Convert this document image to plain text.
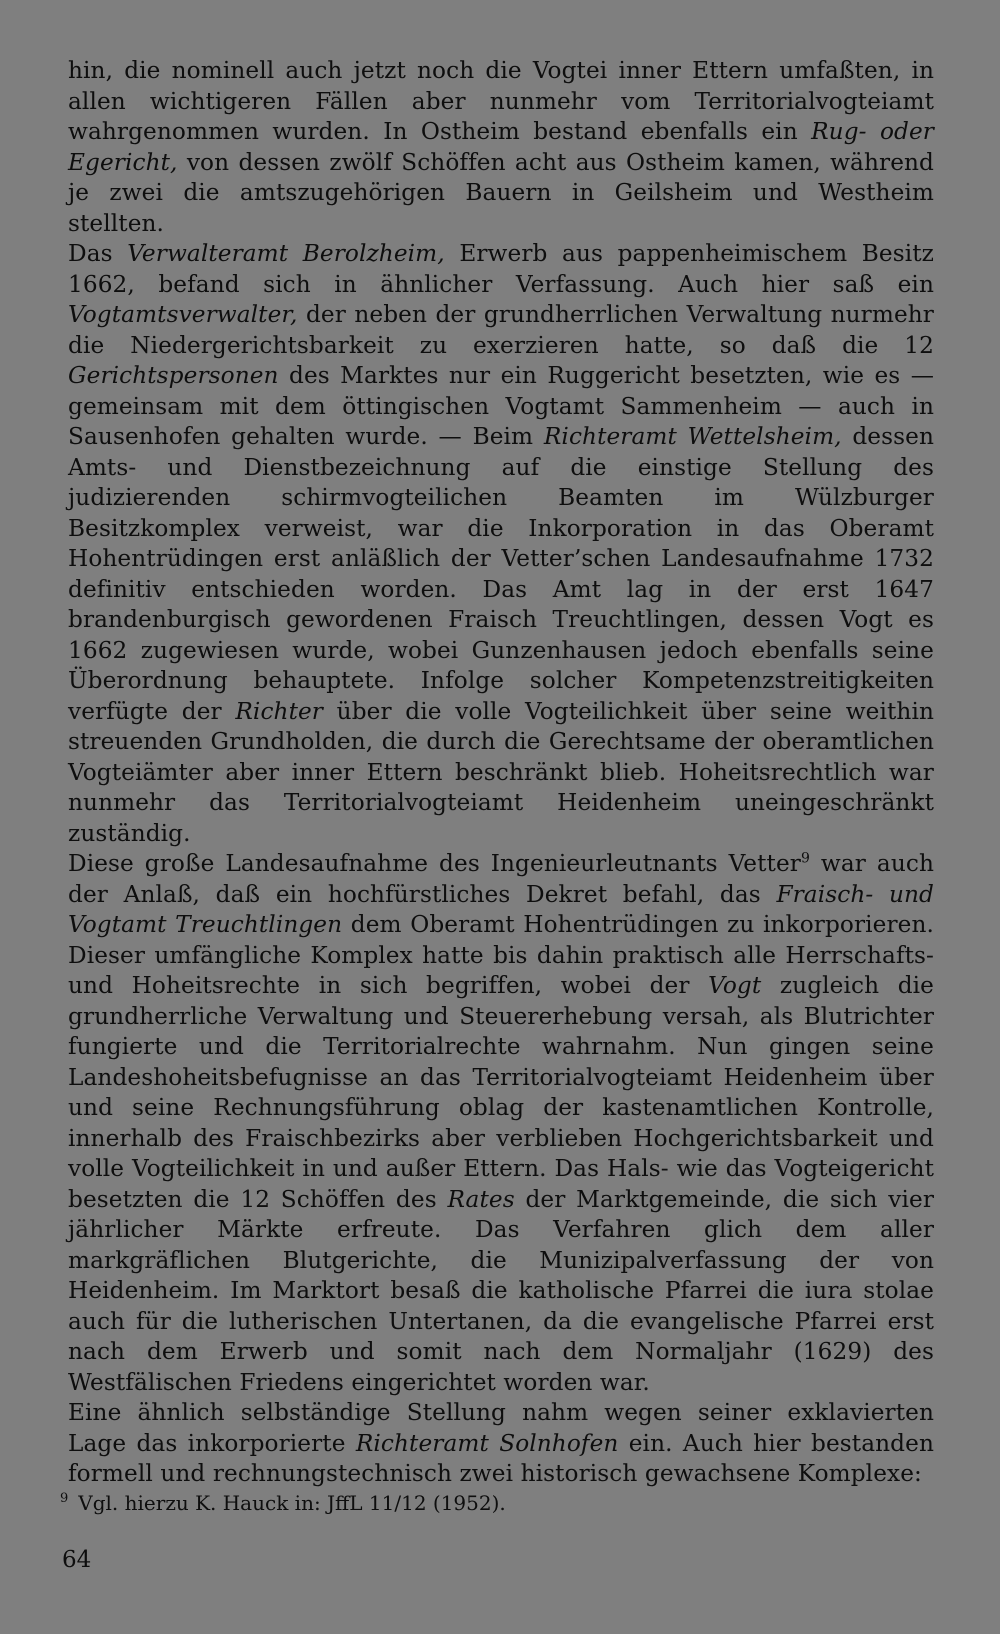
hin, die nominell auch jetzt noch die Vogtei inner Ettern umfaßten, in allen wichtigeren Fällen aber nunmehr vom Territorialvogteiamt wahrgenommen wurden. In Ostheim bestand ebenfalls ein Rug- oder Egericht, von dessen zwölf Schöffen acht aus Ostheim kamen, während je zwei die amtszugehörigen Bauern in Geilsheim und Westheim stellten.

Das Verwalteramt Berolzheim, Erwerb aus pappenheimischem Besitz 1662, befand sich in ähnlicher Verfassung. Auch hier saß ein Vogtamtsverwalter, der neben der grundherrlichen Verwaltung nurmehr die Niedergerichtsbarkeit zu exerzieren hatte, so daß die 12 Gerichtspersonen des Marktes nur ein Ruggericht besetzten, wie es — gemeinsam mit dem öttingischen Vogtamt Sammenheim — auch in Sausenhofen gehalten wurde. — Beim Richteramt Wettelsheim, dessen Amts- und Dienstbezeichnung auf die einstige Stellung des judizierenden schirmvogteilichen Beamten im Wülzburger Besitzkomplex verweist, war die Inkorporation in das Oberamt Hohentrüdingen erst anläßlich der Vetter’schen Landesaufnahme 1732 definitiv entschieden worden. Das Amt lag in der erst 1647 brandenburgisch gewordenen Fraisch Treuchtlingen, dessen Vogt es 1662 zugewiesen wurde, wobei Gunzenhausen jedoch ebenfalls seine Überordnung behauptete. Infolge solcher Kompetenzstreitigkeiten verfügte der Richter über die volle Vogteilichkeit über seine weithin streuenden Grundholden, die durch die Gerechtsame der oberamtlichen Vogteiämter aber inner Ettern beschränkt blieb. Hoheitsrechtlich war nunmehr das Territorialvogteiamt Heidenheim uneingeschränkt zuständig.

Diese große Landesaufnahme des Ingenieurleutnants Vetter$^9$ war auch der Anlaß, daß ein hochfürstliches Dekret befahl, das Fraisch- und Vogtamt Treuchtlingen dem Oberamt Hohentrüdingen zu inkorporieren. Dieser umfängliche Komplex hatte bis dahin praktisch alle Herrschafts- und Hoheitsrechte in sich begriffen, wobei der Vogt zugleich die grundherrliche Verwaltung und Steuererhebung versah, als Blutrichter fungierte und die Territorialrechte wahrnahm. Nun gingen seine Landeshoheitsbefugnisse an das Territorialvogteiamt Heidenheim über und seine Rechnungsführung oblag der kastenamtlichen Kontrolle, innerhalb des Fraischbezirks aber verblieben Hochgerichtsbarkeit und volle Vogteilichkeit in und außer Ettern. Das Hals- wie das Vogteigericht besetzten die 12 Schöffen des Rates der Marktgemeinde, die sich vier jährlicher Märkte erfreute. Das Verfahren glich dem aller markgräflichen Blutgerichte, die Munizipalverfassung der von Heidenheim. Im Marktort besaß die katholische Pfarrei die iura stolae auch für die lutherischen Untertanen, da die evangelische Pfarrei erst nach dem Erwerb und somit nach dem Normaljahr (1629) des Westfälischen Friedens eingerichtet worden war.

Eine ähnlich selbständige Stellung nahm wegen seiner exklavierten Lage das inkorporierte Richteramt Solnhofen ein. Auch hier bestanden formell und rechnungstechnisch zwei historisch gewachsene Komplexe:

$^9$ Vgl. hierzu K. Hauck in: JffL 11/12 (1952).
64
